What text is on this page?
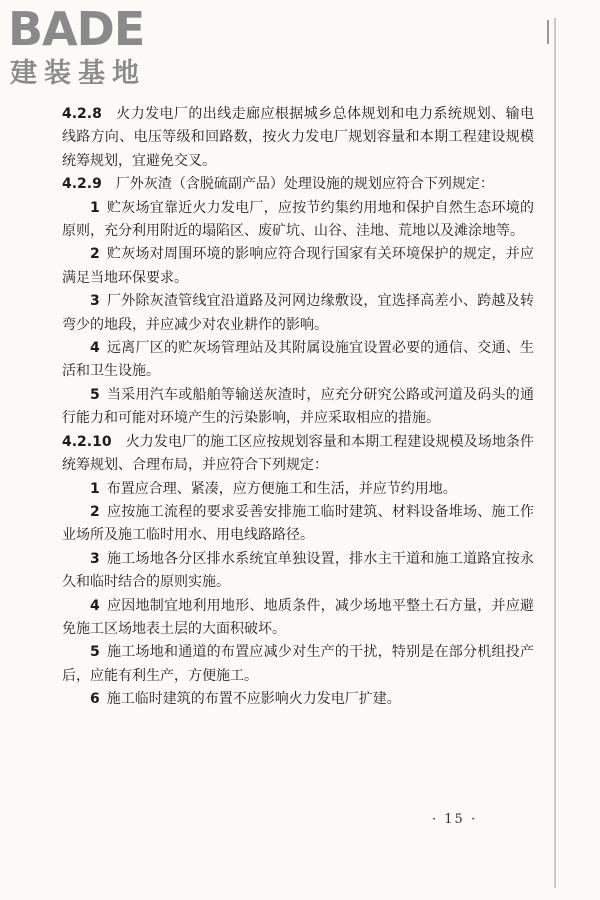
BADE
建装基地

4.2.8  火力发电厂的出线走廊应根据城乡总体规划和电力系统规划、输电线路方向、电压等级和回路数，按火力发电厂规划容量和本期工程建设规模统筹规划，宜避免交叉。

4.2.9  厂外灰渣（含脱硫副产品）处理设施的规划应符合下列规定：

1  贮灰场宜靠近火力发电厂，应按节约集约用地和保护自然生态环境的原则，充分利用附近的塌陷区、废矿坑、山谷、洼地、荒地以及滩涂地等。

2  贮灰场对周围环境的影响应符合现行国家有关环境保护的规定，并应满足当地环保要求。

3  厂外除灰渣管线宜沿道路及河网边缘敷设，宜选择高差小、跨越及转弯少的地段，并应减少对农业耕作的影响。

4  远离厂区的贮灰场管理站及其附属设施宜设置必要的通信、交通、生活和卫生设施。

5  当采用汽车或船舶等输送灰渣时，应充分研究公路或河道及码头的通行能力和可能对环境产生的污染影响，并应采取相应的措施。

4.2.10  火力发电厂的施工区应按规划容量和本期工程建设规模及场地条件统筹规划、合理布局，并应符合下列规定：

1  布置应合理、紧凑，应方便施工和生活，并应节约用地。

2  应按施工流程的要求妥善安排施工临时建筑、材料设备堆场、施工作业场所及施工临时用水、用电线路路径。

3  施工场地各分区排水系统宜单独设置，排水主干道和施工道路宜按永久和临时结合的原则实施。

4  应因地制宜地利用地形、地质条件，减少场地平整土石方量，并应避免施工区场地表土层的大面积破坏。

5  施工场地和通道的布置应减少对生产的干扰，特别是在部分机组投产后，应能有利生产，方便施工。

6  施工临时建筑的布置不应影响火力发电厂扩建。

· 15 ·
